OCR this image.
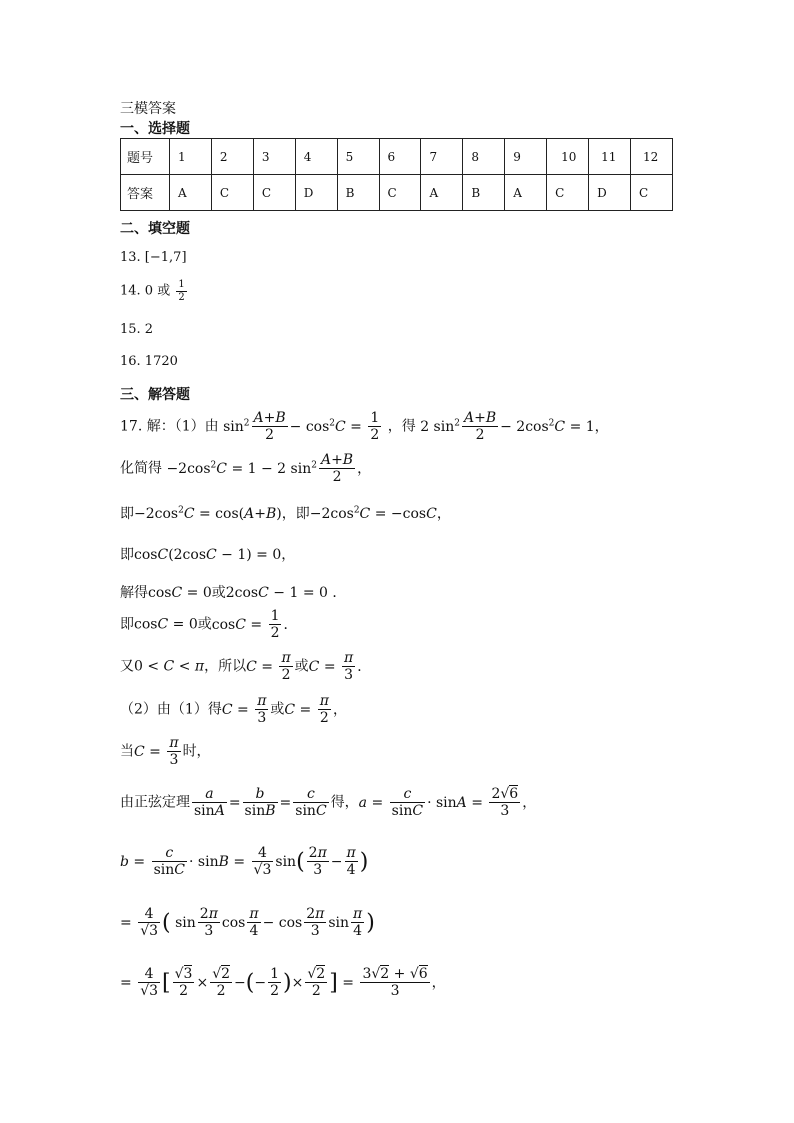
三模答案
一、选择题
题号	1	2	3	4	5	6	7	8	9	10	11	12
答案	A	C	C	D	B	C	A	B	A	C	D	C
二、填空题
13. [−1,7]
14. 0 或 $\frac{1}{2}$
15. 2
16. 1720
三、解答题
17. 解：（1）由 $\sin^2 \frac{A+B}{2} - \cos^2C = \frac{1}{2}$ ，得 2 $\sin^2 \frac{A+B}{2} - 2\cos^2C = 1$，
化简得 $-2\cos^2C = 1 - 2$ $\sin^2 \frac{A+B}{2}$ ，
即$-2\cos^2C = \cos(A+B)$，即$-2\cos^2C = -\cos C$，
即cosC(2cosC − 1) = 0，
解得cosC = 0或2cosC − 1 = 0 ．
即cosC = 0或$\cos C = \frac{1}{2}$ ．
又0 < C < π，所以$C = \frac{\pi}{2}$ 或$C = \frac{\pi}{3}$ ．
（2）由（1）得$C = \frac{\pi}{3}$ 或$C = \frac{\pi}{2}$ ，
当$C = \frac{\pi}{3}$ 时，
由正弦定理 $\frac{a}{\sin A} = \frac{b}{\sin B} = \frac{c}{\sin C}$ 得，$a = \frac{c}{\sin C} \cdot \sin A = \frac{2√6}{3}$ ，
$b = \frac{c}{\sin C} \cdot \sin B = \frac{4}{√3} \sin( \frac{2\pi}{3} - \frac{\pi}{4}$ )
= $\frac{4}{√3}$ ( $\sin \frac{2\pi}{3}$ $\cos \frac{\pi}{4} - \cos \frac{2\pi}{3}$ $\sin \frac{\pi}{4}$ )
= $\frac{4}{√3}$ [ $\frac{√3}{2} \times \frac{√2}{2}$ −(− $\frac{1}{2}$ )× $\frac{√2}{2}$ ] = $\frac{3√2 + √6}{3}$ ，
